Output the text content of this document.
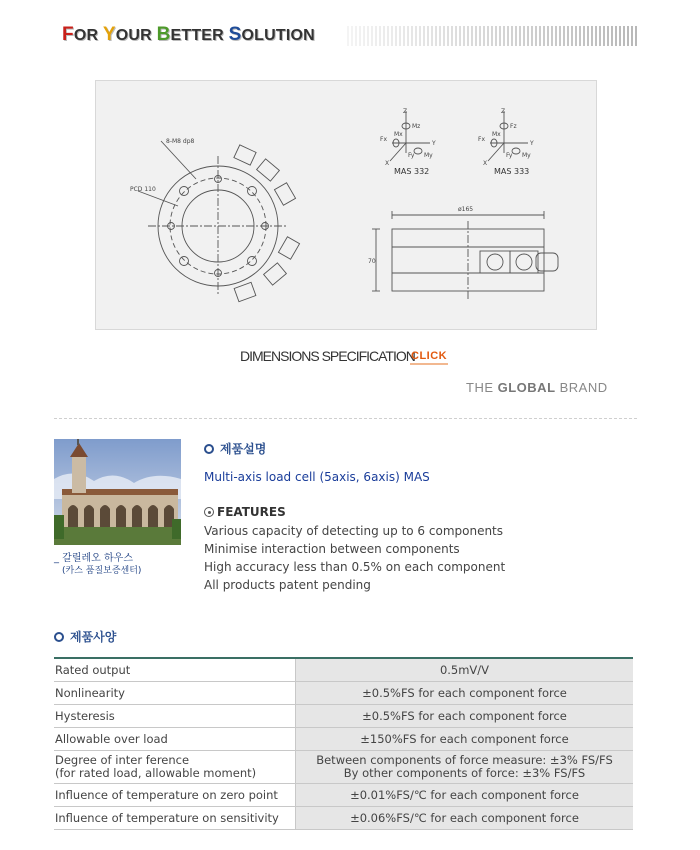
FOR YOUR BETTER SOLUTION
8-M8 dp8
PCD 110
ø165
70
Z
Mz
Fx
Mx
Y
Fy My
X
Z
Fz
Fx
Mx
Y
Fy My
X
MAS 332	MAS 333
DIMENSIONS SPECIFICATION
CLICK
THE GLOBAL BRAND
_ 갈릴레오 하우스
(카스 품질보증센터)
제품설명
Multi-axis load cell (5axis, 6axis) MAS
FEATURES
Various capacity of detecting up to 6 components
Minimise interaction between components
High accuracy less than 0.5% on each component
All products patent pending
제품사양
Rated output	0.5mV/V

Nonlinearity	±0.5%FS for each component force

Hysteresis	±0.5%FS for each component force

Allowable over load	±150%FS for each component force

Degree of inter ference
(for rated load, allowable moment)	Between components of force measure: ±3% FS/FS
By other components of force: ±3% FS/FS

Influence of temperature on zero point	±0.01%FS/℃ for each component force

Influence of temperature on sensitivity	±0.06%FS/℃ for each component force
